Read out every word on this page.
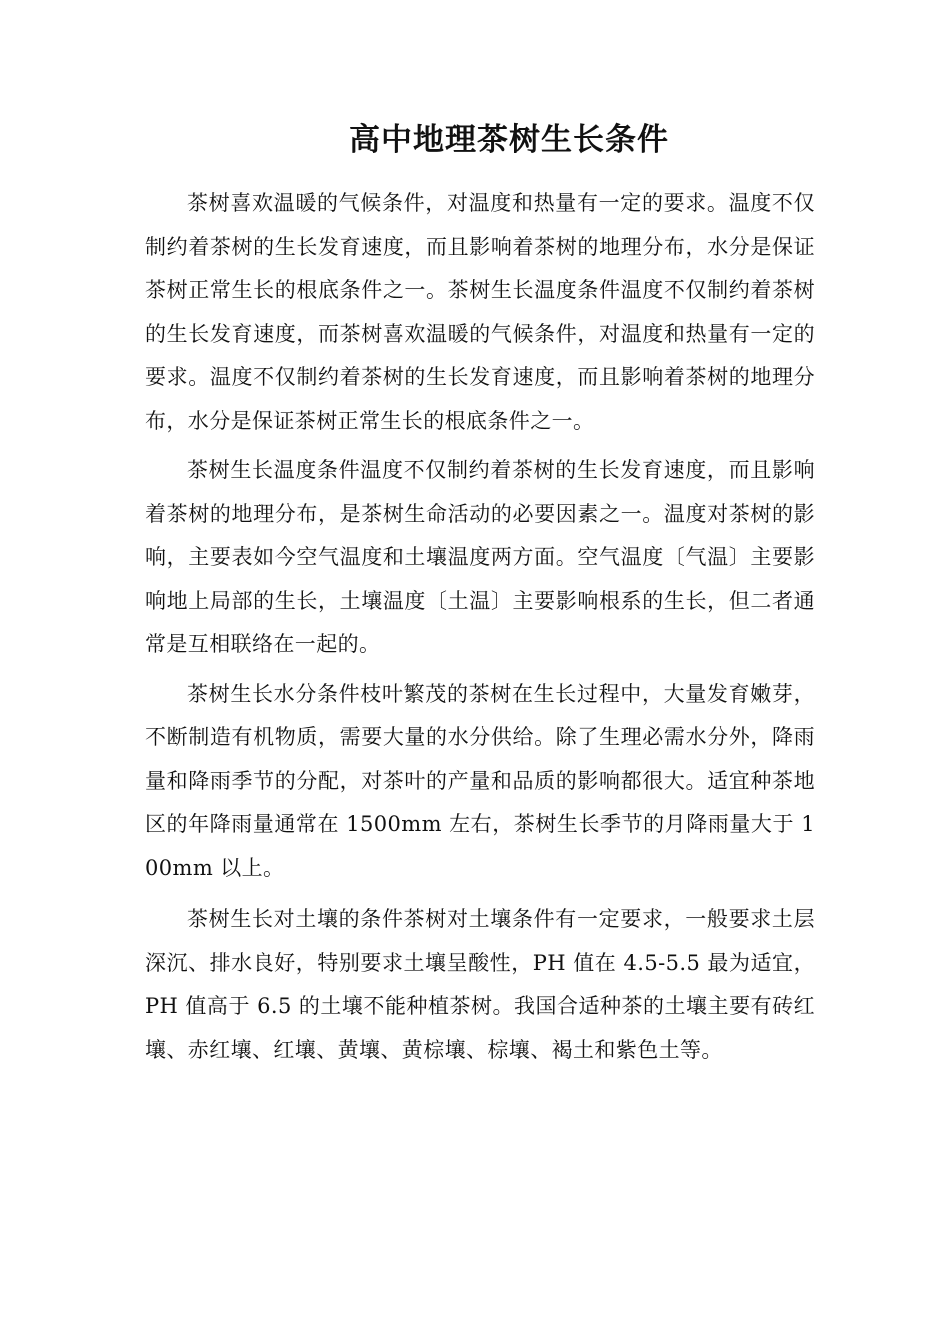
高中地理茶树生长条件

茶树喜欢温暖的气候条件，对温度和热量有一定的要求。温度不仅制约着茶树的生长发育速度，而且影响着茶树的地理分布，水分是保证茶树正常生长的根底条件之一。茶树生长温度条件温度不仅制约着茶树的生长发育速度，而茶树喜欢温暖的气候条件，对温度和热量有一定的要求。温度不仅制约着茶树的生长发育速度，而且影响着茶树的地理分布，水分是保证茶树正常生长的根底条件之一。

茶树生长温度条件温度不仅制约着茶树的生长发育速度，而且影响着茶树的地理分布，是茶树生命活动的必要因素之一。温度对茶树的影响，主要表如今空气温度和土壤温度两方面。空气温度〔气温〕主要影响地上局部的生长，土壤温度〔土温〕主要影响根系的生长，但二者通常是互相联络在一起的。

茶树生长水分条件枝叶繁茂的茶树在生长过程中，大量发育嫩芽，不断制造有机物质，需要大量的水分供给。除了生理必需水分外，降雨量和降雨季节的分配，对茶叶的产量和品质的影响都很大。适宜种茶地区的年降雨量通常在 1500mm 左右，茶树生长季节的月降雨量大于 100mm 以上。

茶树生长对土壤的条件茶树对土壤条件有一定要求，一般要求土层深沉、排水良好，特别要求土壤呈酸性，PH 值在 4.5-5.5 最为适宜，PH 值高于 6.5 的土壤不能种植茶树。我国合适种茶的土壤主要有砖红壤、赤红壤、红壤、黄壤、黄棕壤、棕壤、褐土和紫色土等。
